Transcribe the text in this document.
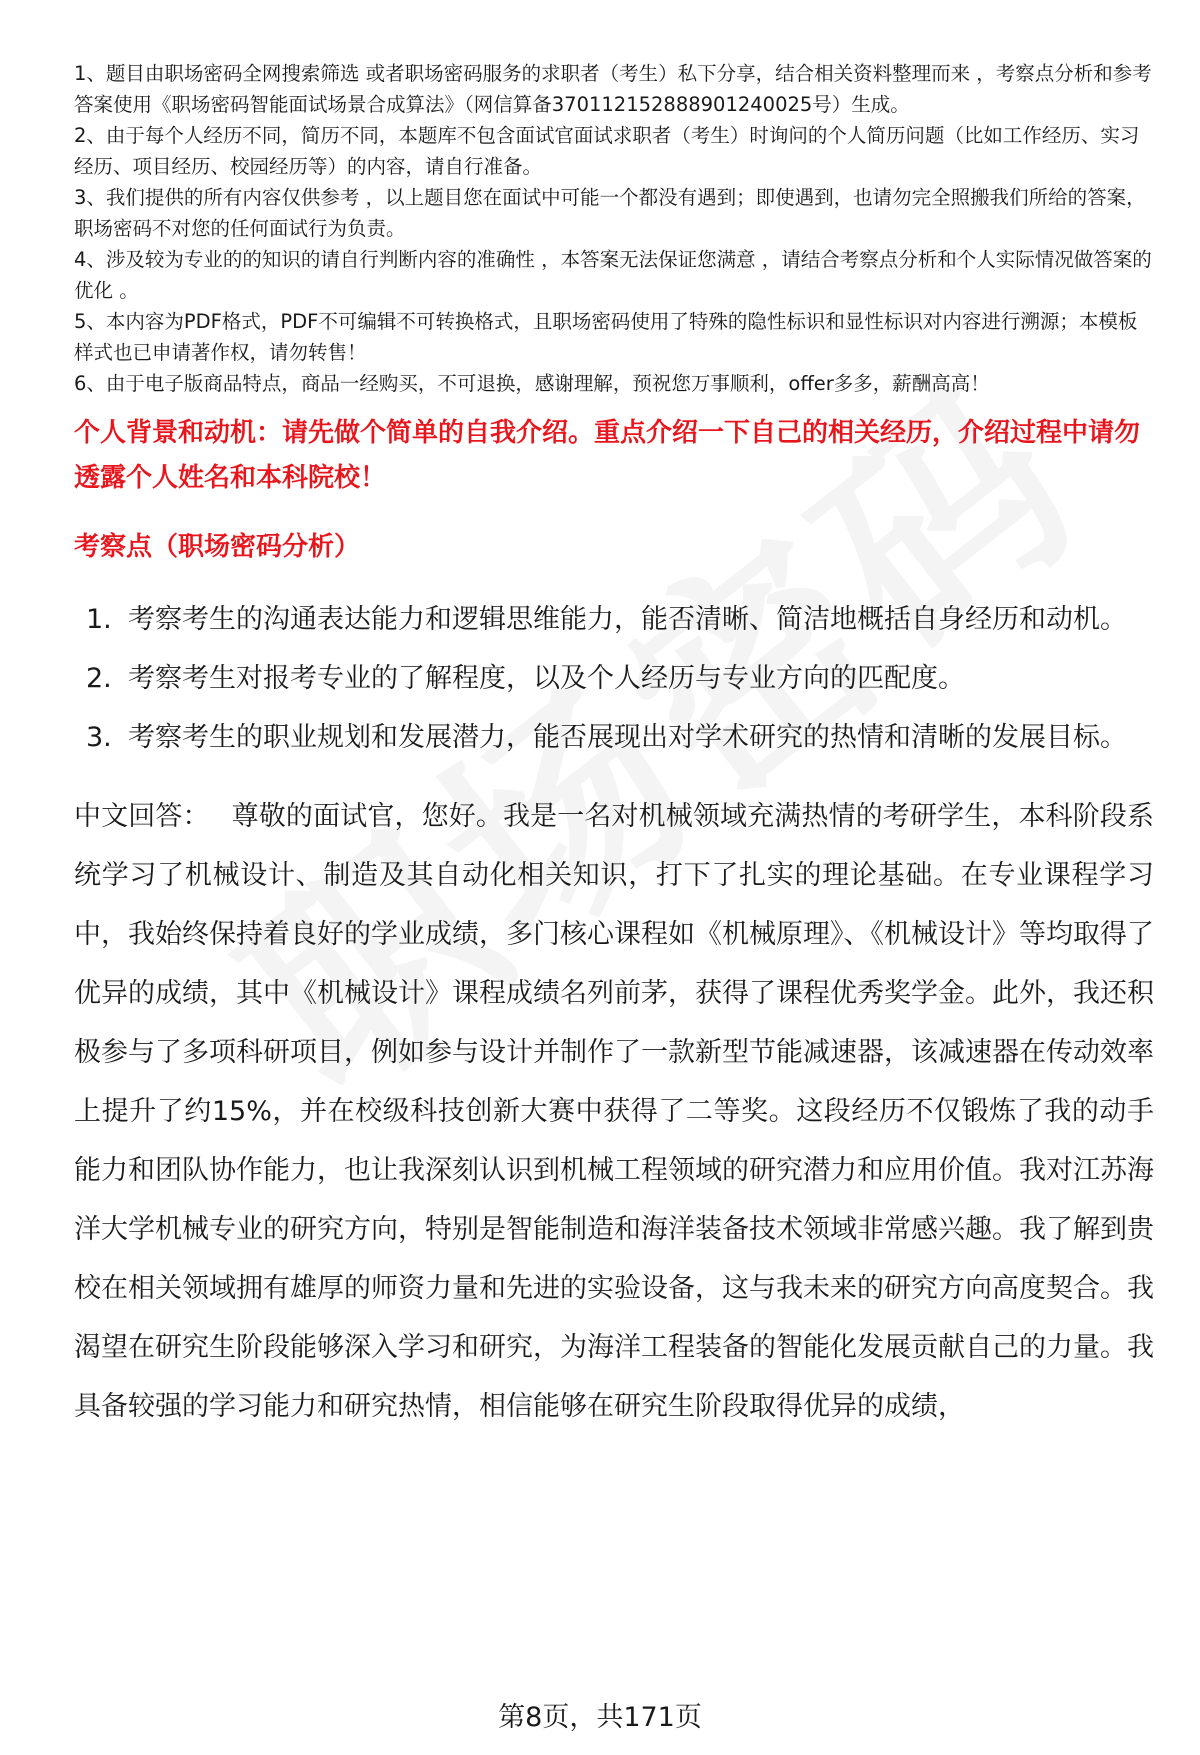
1、题目由职场密码全网搜索筛选 或者职场密码服务的求职者（考生）私下分享，结合相关资料整理而来 ，考察点分析和参考答案使用《职场密码智能面试场景合成算法》（网信算备370112152888901240025号）生成。
2、由于每个人经历不同，简历不同，本题库不包含面试官面试求职者（考生）时询问的个人简历问题（比如工作经历、实习经历、项目经历、校园经历等）的内容，请自行准备。
3、我们提供的所有内容仅供参考 ，以上题目您在面试中可能一个都没有遇到；即使遇到，也请勿完全照搬我们所给的答案，职场密码不对您的任何面试行为负责。
4、涉及较为专业的的知识的请自行判断内容的准确性 ，本答案无法保证您满意 ，请结合考察点分析和个人实际情况做答案的优化 。
5、本内容为PDF格式，PDF不可编辑不可转换格式，且职场密码使用了特殊的隐性标识和显性标识对内容进行溯源；本模板样式也已申请著作权，请勿转售！
6、由于电子版商品特点，商品一经购买，不可退换，感谢理解，预祝您万事顺利，offer多多，薪酬高高！

个人背景和动机：请先做个简单的自我介绍。重点介绍一下自己的相关经历，介绍过程中请勿透露个人姓名和本科院校！

考察点（职场密码分析）

1. 考察考生的沟通表达能力和逻辑思维能力，能否清晰、简洁地概括自身经历和动机。
2. 考察考生对报考专业的了解程度，以及个人经历与专业方向的匹配度。
3. 考察考生的职业规划和发展潜力，能否展现出对学术研究的热情和清晰的发展目标。

中文回答： 尊敬的面试官，您好。我是一名对机械领域充满热情的考研学生，本科阶段系统学习了机械设计、制造及其自动化相关知识，打下了扎实的理论基础。在专业课程学习中，我始终保持着良好的学业成绩，多门核心课程如《机械原理》、《机械设计》等均取得了优异的成绩，其中《机械设计》课程成绩名列前茅，获得了课程优秀奖学金。此外，我还积极参与了多项科研项目，例如参与设计并制作了一款新型节能减速器，该减速器在传动效率上提升了约15%，并在校级科技创新大赛中获得了二等奖。这段经历不仅锻炼了我的动手能力和团队协作能力，也让我深刻认识到机械工程领域的研究潜力和应用价值。我对江苏海洋大学机械专业的研究方向，特别是智能制造和海洋装备技术领域非常感兴趣。我了解到贵校在相关领域拥有雄厚的师资力量和先进的实验设备，这与我未来的研究方向高度契合。我渴望在研究生阶段能够深入学习和研究，为海洋工程装备的智能化发展贡献自己的力量。我具备较强的学习能力和研究热情，相信能够在研究生阶段取得优异的成绩，

第8页，共171页
